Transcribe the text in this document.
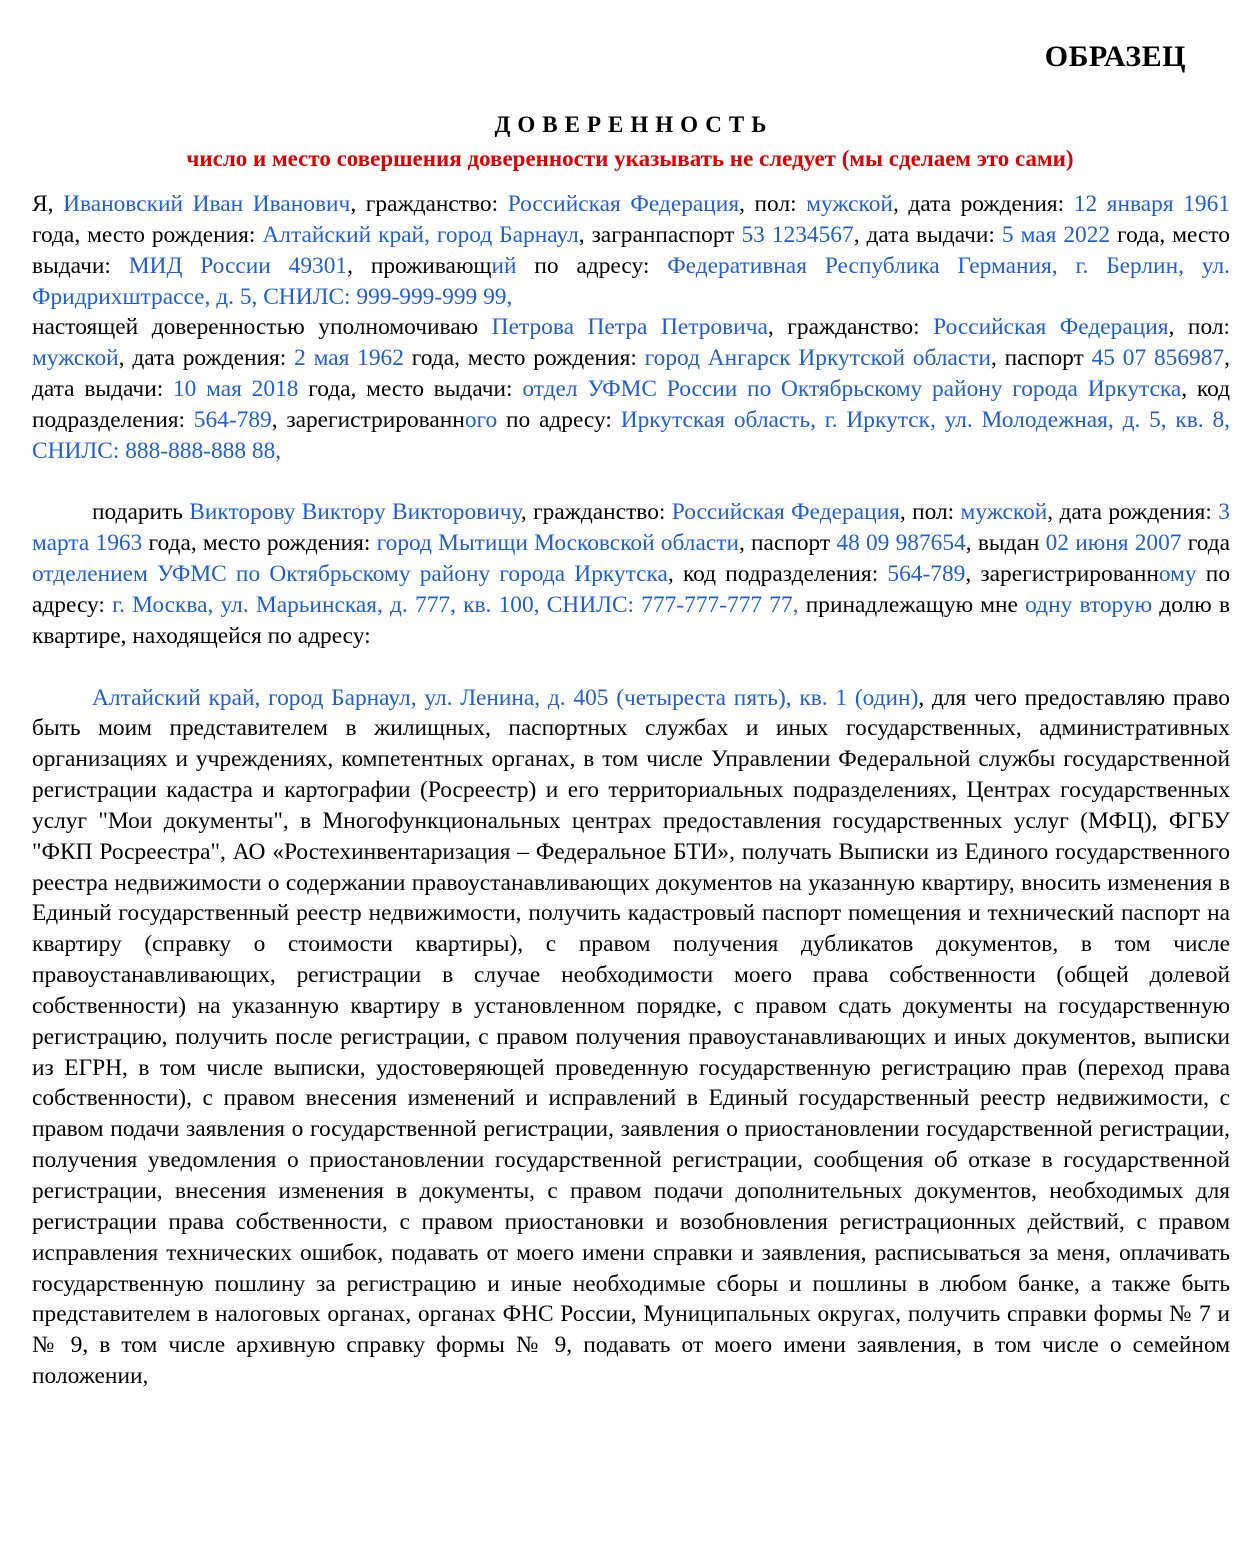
ОБРАЗЕЦ
ДОВЕРЕННОСТЬ
число и место совершения доверенности указывать не следует (мы сделаем это сами)

Я, Ивановский Иван Иванович, гражданство: Российская Федерация, пол: мужской, дата рождения: 12 января 1961 года, место рождения: Алтайский край, город Барнаул, загранпаспорт 53 1234567, дата выдачи: 5 мая 2022 года, место выдачи: МИД России 49301, проживающий по адресу: Федеративная Республика Германия, г. Берлин, ул. Фридрихштрассе, д. 5, СНИЛС: 999-999-999 99,

настоящей доверенностью уполномочиваю Петрова Петра Петровича, гражданство: Российская Федерация, пол: мужской, дата рождения: 2 мая 1962 года, место рождения: город Ангарск Иркутской области, паспорт 45 07 856987, дата выдачи: 10 мая 2018 года, место выдачи: отдел УФМС России по Октябрьскому району города Иркутска, код подразделения: 564-789, зарегистрированного по адресу: Иркутская область, г. Иркутск, ул. Молодежная, д. 5, кв. 8, СНИЛС: 888-888-888 88,

подарить Викторову Виктору Викторовичу, гражданство: Российская Федерация, пол: мужской, дата рождения: 3 марта 1963 года, место рождения: город Мытищи Московской области, паспорт 48 09 987654, выдан 02 июня 2007 года отделением УФМС по Октябрьскому району города Иркутска, код подразделения: 564-789, зарегистрированному по адресу: г. Москва, ул. Марьинская, д. 777, кв. 100, СНИЛС: 777-777-777 77, принадлежащую мне одну вторую долю в квартире, находящейся по адресу:

Алтайский край, город Барнаул, ул. Ленина, д. 405 (четыреста пять), кв. 1 (один), для чего предоставляю право быть моим представителем в жилищных, паспортных службах и иных государственных, административных организациях и учреждениях, компетентных органах, в том числе Управлении Федеральной службы государственной регистрации кадастра и картографии (Росреестр) и его территориальных подразделениях, Центрах государственных услуг "Мои документы", в Многофункциональных центрах предоставления государственных услуг (МФЦ), ФГБУ "ФКП Росреестра", АО «Ростехинвентаризация – Федеральное БТИ», получать Выписки из Единого государственного реестра недвижимости о содержании правоустанавливающих документов на указанную квартиру, вносить изменения в Единый государственный реестр недвижимости, получить кадастровый паспорт помещения и технический паспорт на квартиру (справку о стоимости квартиры), с правом получения дубликатов документов, в том числе правоустанавливающих, регистрации в случае необходимости моего права собственности (общей долевой собственности) на указанную квартиру в установленном порядке, с правом сдать документы на государственную регистрацию, получить после регистрации, с правом получения правоустанавливающих и иных документов, выписки из ЕГРН, в том числе выписки, удостоверяющей проведенную государственную регистрацию прав (переход права собственности), с правом внесения изменений и исправлений в Единый государственный реестр недвижимости, с правом подачи заявления о государственной регистрации, заявления о приостановлении государственной регистрации, получения уведомления о приостановлении государственной регистрации, сообщения об отказе в государственной регистрации, внесения изменения в документы, с правом подачи дополнительных документов, необходимых для регистрации права собственности, с правом приостановки и возобновления регистрационных действий, с правом исправления технических ошибок, подавать от моего имени справки и заявления, расписываться за меня, оплачивать государственную пошлину за регистрацию и иные необходимые сборы и пошлины в любом банке, а также быть представителем в налоговых органах, органах ФНС России, Муниципальных округах, получить справки формы № 7 и № 9, в том числе архивную справку формы № 9, подавать от моего имени заявления, в том числе о семейном положении,
